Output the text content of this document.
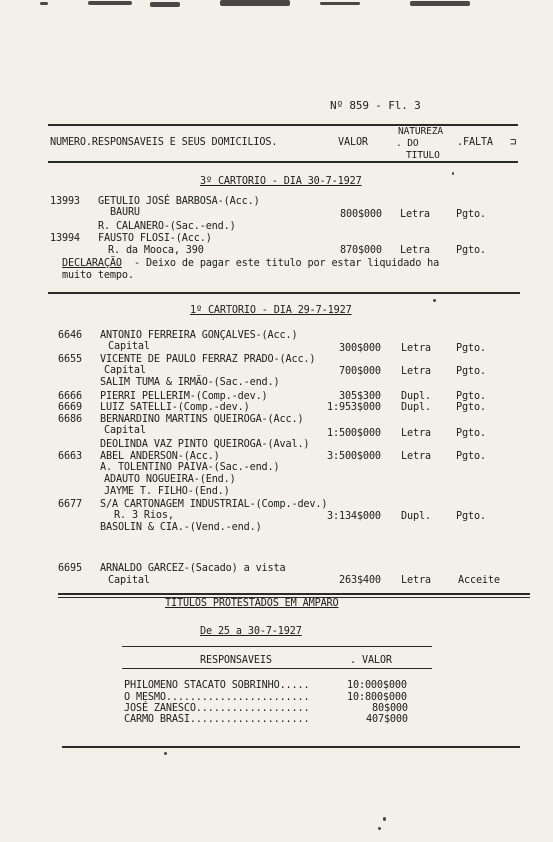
Nº 859 - Fl. 3
NUMERO.RESPONSAVEIS E SEUS DOMICILIOS.	VALOR
NATUREZA
. DO
TITULO
.FALTA ⊐
3º CARTORIO - DIA 30-7-1927
13993 GETULIO JOSÉ BARBOSA-(Acc.)
BAURU	800$000 Letra	Pgto.
R. CALANERO-(Sac.-end.)
13994 FAUSTO FLOSI-(Acc.)
R. da Mooca, 390	870$000 Letra	Pgto.
DECLARAÇÃO - Deixo de pagar este titulo por estar liquidado ha
muito tempo.
1º CARTORIO - DIA 29-7-1927
6646 ANTONIO FERREIRA GONÇALVES-(Acc.)
Capital	300$000 Letra Pgto.
6655 VICENTE DE PAULO FERRAZ PRADO-(Acc.)
Capital	700$000 Letra Pgto.
SALIM TUMA & IRMÃO-(Sac.-end.)
6666 PIERRI PELLERIM-(Comp.-dev.)	305$300 Dupl. Pgto.
6669 LUIZ SATELLI-(Comp.-dev.)	1:953$000 Dupl. Pgto.
6686 BERNARDINO MARTINS QUEIROGA-(Acc.)
Capital	1:500$000 Letra Pgto.
DEOLINDA VAZ PINTO QUEIROGA-(Aval.)
6663 ABEL ANDERSON-(Acc.)	3:500$000 Letra Pgto.
A. TOLENTINO PAIVA-(Sac.-end.)
ADAUTO NOGUEIRA-(End.)
JAYME T. FILHO-(End.)
6677 S/A CARTONAGEM INDUSTRIAL-(Comp.-dev.)
R. 3 Rios,	3:134$000 Dupl. Pgto.
BASOLIN & CIA.-(Vend.-end.)
6695 ARNALDO GARCEZ-(Sacado) a vista
Capital	263$400 Letra	Acceite
TITULOS PROTESTADOS EM AMPARO
De 25 a 30-7-1927
RESPONSAVEIS	. VALOR
PHILOMENO STACATO SOBRINHO.....	10:000$000
O MESMO........................	10:800$000
JOSÉ ZANESCO...................	80$000
CARMO BRASI....................	407$000
